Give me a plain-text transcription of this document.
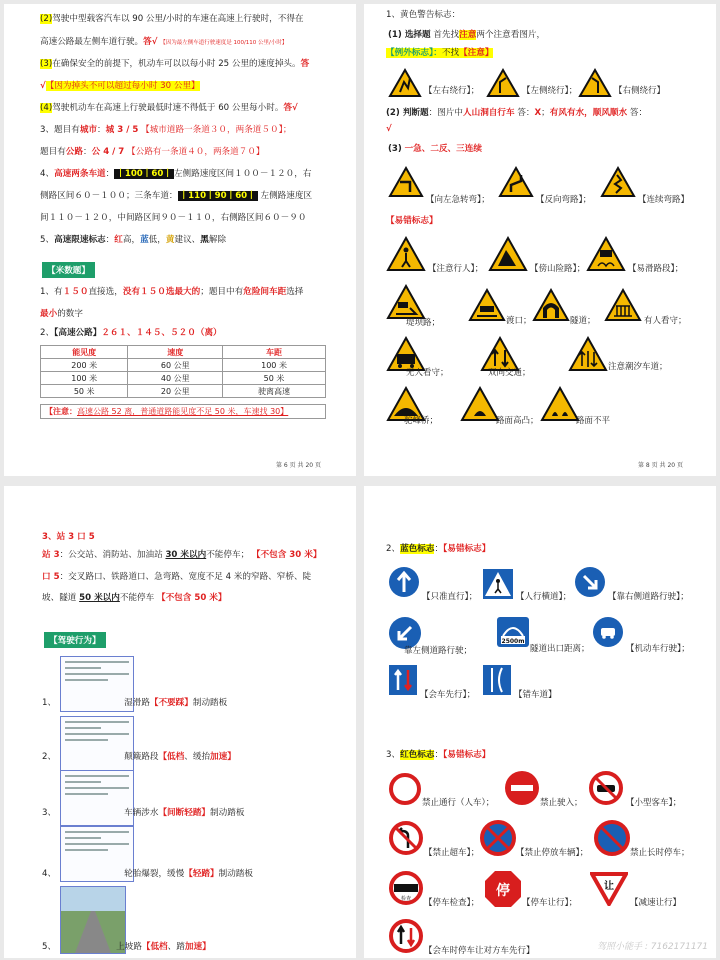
(2)驾驶中型载客汽车以 90 公里/小时的车速在高速上行驶时，不得在
高速公路最左侧车道行驶。答√ 【因为最左侧车道行驶速度是 100/110 公里/小时】
(3)在确保安全的前提下，机动车可以以每小时 25 公里的速度掉头。答
√【因为掉头不可以超过每小时 30 公里】
(4)驾驶机动车在高速上行驶最低时速不得低于 60 公里每小时。答√
3、题目有城市：城 3 / 5 【城市道路一条道３０，两条道５０】；
题目有公路：公 4 / 7 【公路有一条道４０，两条道７０】
4、高速两条车道： 丨100丨60丨 左侧路速度区间１００－１２０，右
侧路区间６０－１００；三条车道： 丨110丨90丨60丨 左侧路速度区
间１１０－１２０，中间路区间９０－１１０，右侧路区间６０－９０
5、高速限速标志：红高，蓝低，黄建议、黑解除
【米数题】
1、有１５０直接选，没有１５０选最大的；题目中有危险间车距选择
最小的数字
2、【高速公路】２６１、１４５、５２０（离）
能见度	速度	车距
200 米	60 公里	100 米
100 米	40 公里	50 米
50 米	20 公里	驶离高速
【注意：高速公路 52 离，普通道路能见度不足 50 米，车速找 30】
第 6 页 共 20 页
1、黄色警告标志：
(1) 选择题 首先找注意两个注意看图片，
【例外标志】：不找【注意】
【左右绕行】；	【左侧绕行】；	【右侧绕行】
(2) 判断题：图片中人山洞自行车 答：X；有风有水，顺风顺水 答：
√
(3) 一急、二反、三连续
【向左急转弯】；	【反向弯路】；	【连续弯路】
【易错标志】
【注意行人】；	【傍山险路】；	【易滑路段】；
堤坝路；	渡口；	隧道；	有人看守；
无人看守；	双向交通；
注意潮汐车道；
驼峰桥；	路面高凸；	路面不平
第 8 页 共 20 页
3、站 3 口 5
站 3：公交站、消防站、加油站 30 米以内不能停车； 【不包含 30 米】
口 5：交叉路口、铁路道口、急弯路、宽度不足 4 米的窄路、窄桥、陡
坡、隧道 50 米以内不能停车 【不包含 50 米】
【驾驶行为】
1、	湿滑路【不要踩】制动踏板
2、	颠簸路段【低档、缓抬加速】
3、	车辆涉水【间断轻踏】制动踏板
4、	轮胎爆裂，缓慢【轻踏】制动踏板
5、	上坡路【低档、踏加速】
2、蓝色标志：【易错标志】
【只准直行】；	【人行横道】；	【靠右侧道路行驶】；
靠左侧道路行驶；
2500m
隧道出口距离；	【机动车行驶】；
【会车先行】；	【错车道】
3、红色标志：【易错标志】
禁止通行（人车）；	禁止驶入；	【小型客车】；
【禁止超车】；	【禁止停放车辆】；	禁止长时停车；
检查 【停车检查】；
停
【停车让行】；
让
【减速让行】
【会车时停车让对方车先行】	驾照小能手 : 7162171171
